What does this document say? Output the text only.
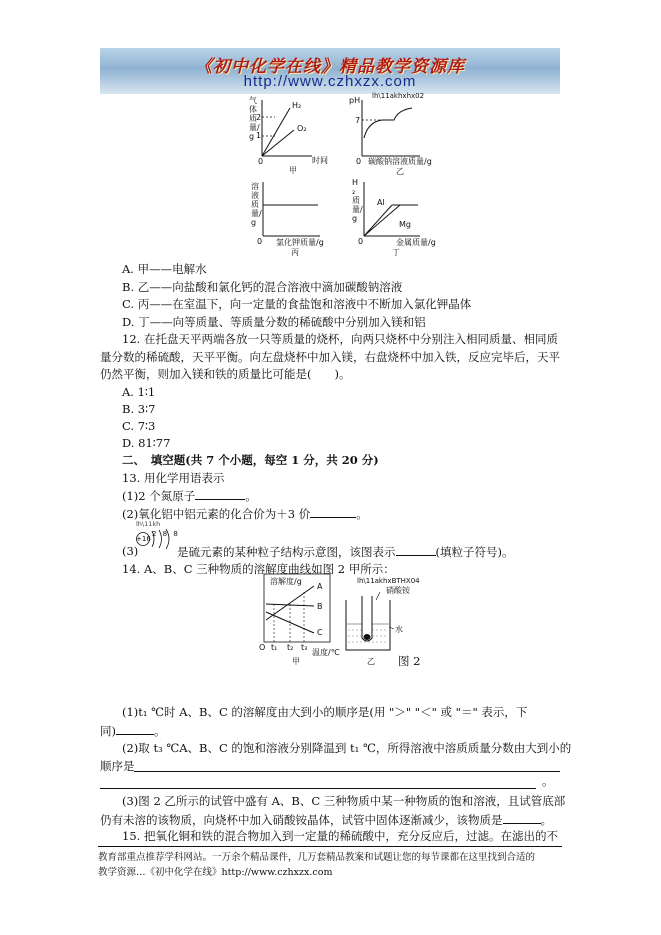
《初中化学在线》精品教学资源库
http://www.czhxzx.com
气体质量/g
2
1
H₂
O₂
0	时间
甲
pH lh\11akhxhx02
7
0 碳酸钠溶液质量/g
乙
溶液质量/g
0 氯化钾质量/g
丙
H₂质量/g
Al
Mg
0	金属质量/g
丁
A. 甲——电解水
B. 乙——向盐酸和氯化钙的混合溶液中滴加碳酸钠溶液
C. 丙——在室温下，向一定量的食盐饱和溶液中不断加入氯化钾晶体
D. 丁——向等质量、等质量分数的稀硫酸中分别加入镁和铝
12. 在托盘天平两端各放一只等质量的烧杯，向两只烧杯中分别注入相同质量、相同质
量分数的稀硫酸，天平平衡。向左盘烧杯中加入镁，右盘烧杯中加入铁，反应完毕后，天平
仍然平衡，则加入镁和铁的质量比可能是(　　)。
A. 1∶1
B. 3∶7
C. 7∶3
D. 81∶77
二、　填空题(共 7 个小题，每空 1 分，共 20 分)
13. 用化学用语表示
(1)2 个氮原子	。
(2)氧化铝中铝元素的化合价为＋3 价	。
lh\11kh
+16
2 8 8
(3)	是硫元素的某种粒子结构示意图，该图表示	(填粒子符号)。
14. A、B、C 三种物质的溶解度曲线如图 2 甲所示：
溶解度/g
A
B
C
O t₁ t₂ t₃
温度/℃
甲
lh\11akhxBTHX04
硝酸铵
水
乙 图 2
(1)t₁ ℃时 A、B、C 的溶解度由大到小的顺序是(用 "＞" "＜" 或 "＝" 表示，下
同)	。
(2)取 t₃ ℃A、B、C 的饱和溶液分别降温到 t₁ ℃，所得溶液中溶质质量分数由大到小的
顺序是
。
(3)图 2 乙所示的试管中盛有 A、B、C 三种物质中某一种物质的饱和溶液，且试管底部
仍有未溶的该物质，向烧杯中加入硝酸铵晶体，试管中固体逐渐减少，该物质是	。
15. 把氧化铜和铁的混合物加入到一定量的稀硫酸中，充分反应后，过滤。在滤出的不
教育部重点推荐学科网站。一万余个精品课件，几万套精品教案和试题让您的每节课都在这里找到合适的
教学资源…《初中化学在线》http://www.czhxzx.com
